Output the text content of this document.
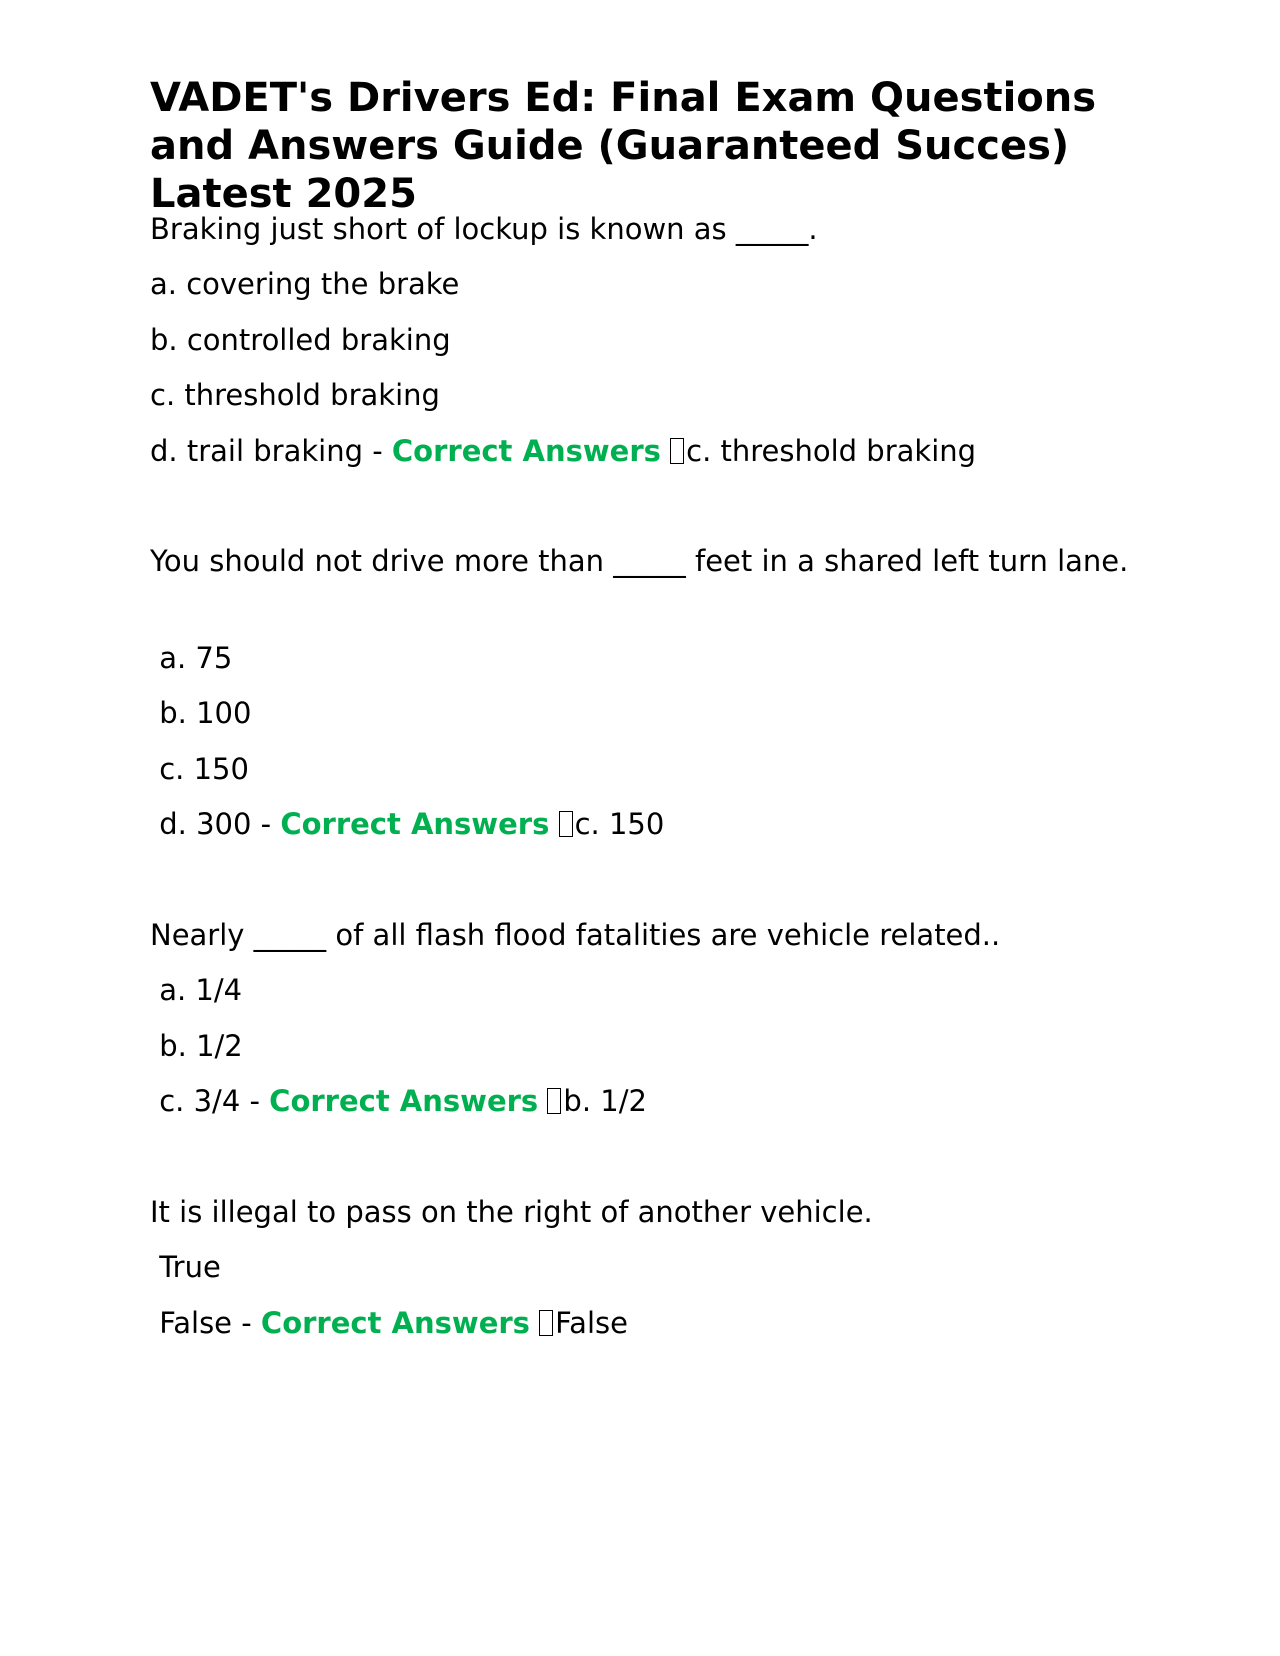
VADET's Drivers Ed: Final Exam Questions and Answers Guide (Guaranteed Succes) Latest 2025

Braking just short of lockup is known as _____.

a. covering the brake

b. controlled braking

c. threshold braking

d. trail braking - Correct Answers c. threshold braking

You should not drive more than _____ feet in a shared left turn lane.

a. 75

b. 100

c. 150

d. 300 - Correct Answers c. 150

Nearly _____ of all flash flood fatalities are vehicle related..

a. 1/4

b. 1/2

c. 3/4 - Correct Answers b. 1/2

It is illegal to pass on the right of another vehicle.

True

False - Correct Answers False
